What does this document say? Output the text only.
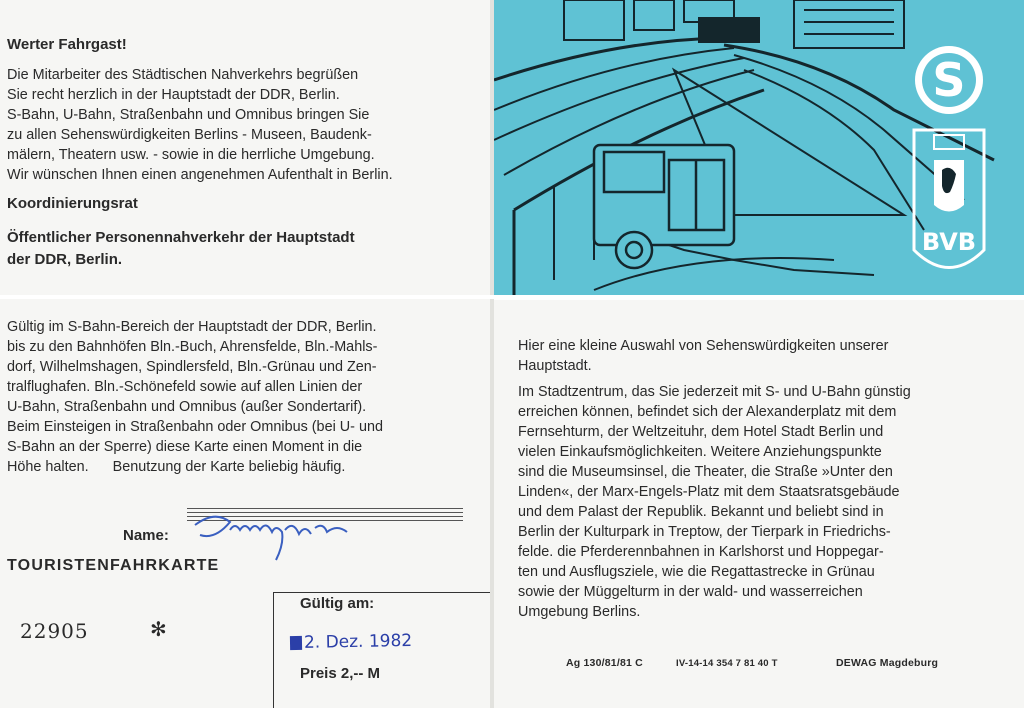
S
BVB

Werter Fahrgast!

Die Mitarbeiter des Städtischen Nahverkehrs begrüßen

Sie recht herzlich in der Hauptstadt der DDR, Berlin.

S-Bahn, U-Bahn, Straßenbahn und Omnibus bringen Sie

zu allen Sehenswürdigkeiten Berlins - Museen, Baudenk-

mälern, Theatern usw. - sowie in die herrliche Umgebung.

Wir wünschen Ihnen einen angenehmen Aufenthalt in Berlin.

Koordinierungsrat

Öffentlicher Personennahverkehr der Hauptstadt

der DDR, Berlin.

Gültig im S-Bahn-Bereich der Hauptstadt der DDR, Berlin.

bis zu den Bahnhöfen Bln.-Buch, Ahrensfelde, Bln.-Mahls-

dorf, Wilhelmshagen, Spindlersfeld, Bln.-Grünau und Zen-

tralflughafen. Bln.-Schönefeld sowie auf allen Linien der

U-Bahn, Straßenbahn und Omnibus (außer Sondertarif).

Beim Einsteigen in Straßenbahn oder Omnibus (bei U- und

S-Bahn an der Sperre) diese Karte einen Moment in die

Höhe halten.      Benutzung der Karte beliebig häufig.

Name:

TOURISTENFAHRKARTE

22905	✻

Gültig am:

2. Dez. 1982

Preis 2,-- M

Hier eine kleine Auswahl von Sehenswürdigkeiten unserer

Hauptstadt.

Im Stadtzentrum, das Sie jederzeit mit S- und U-Bahn günstig

erreichen können, befindet sich der Alexanderplatz mit dem

Fernsehturm, der Weltzeituhr, dem Hotel Stadt Berlin und

vielen Einkaufsmöglichkeiten. Weitere Anziehungspunkte

sind die Museumsinsel, die Theater, die Straße »Unter den

Linden«, der Marx-Engels-Platz mit dem Staatsratsgebäude

und dem Palast der Republik. Bekannt und beliebt sind in

Berlin der Kulturpark in Treptow, der Tierpark in Friedrichs-

felde. die Pferderennbahnen in Karlshorst und Hoppegar-

ten und Ausflugsziele, wie die Regattastrecke in Grünau

sowie der Müggelturm in der wald- und wasserreichen

Umgebung Berlins.

Ag 130/81/81 C	IV-14-14 354 7 81 40 T	DEWAG Magdeburg
